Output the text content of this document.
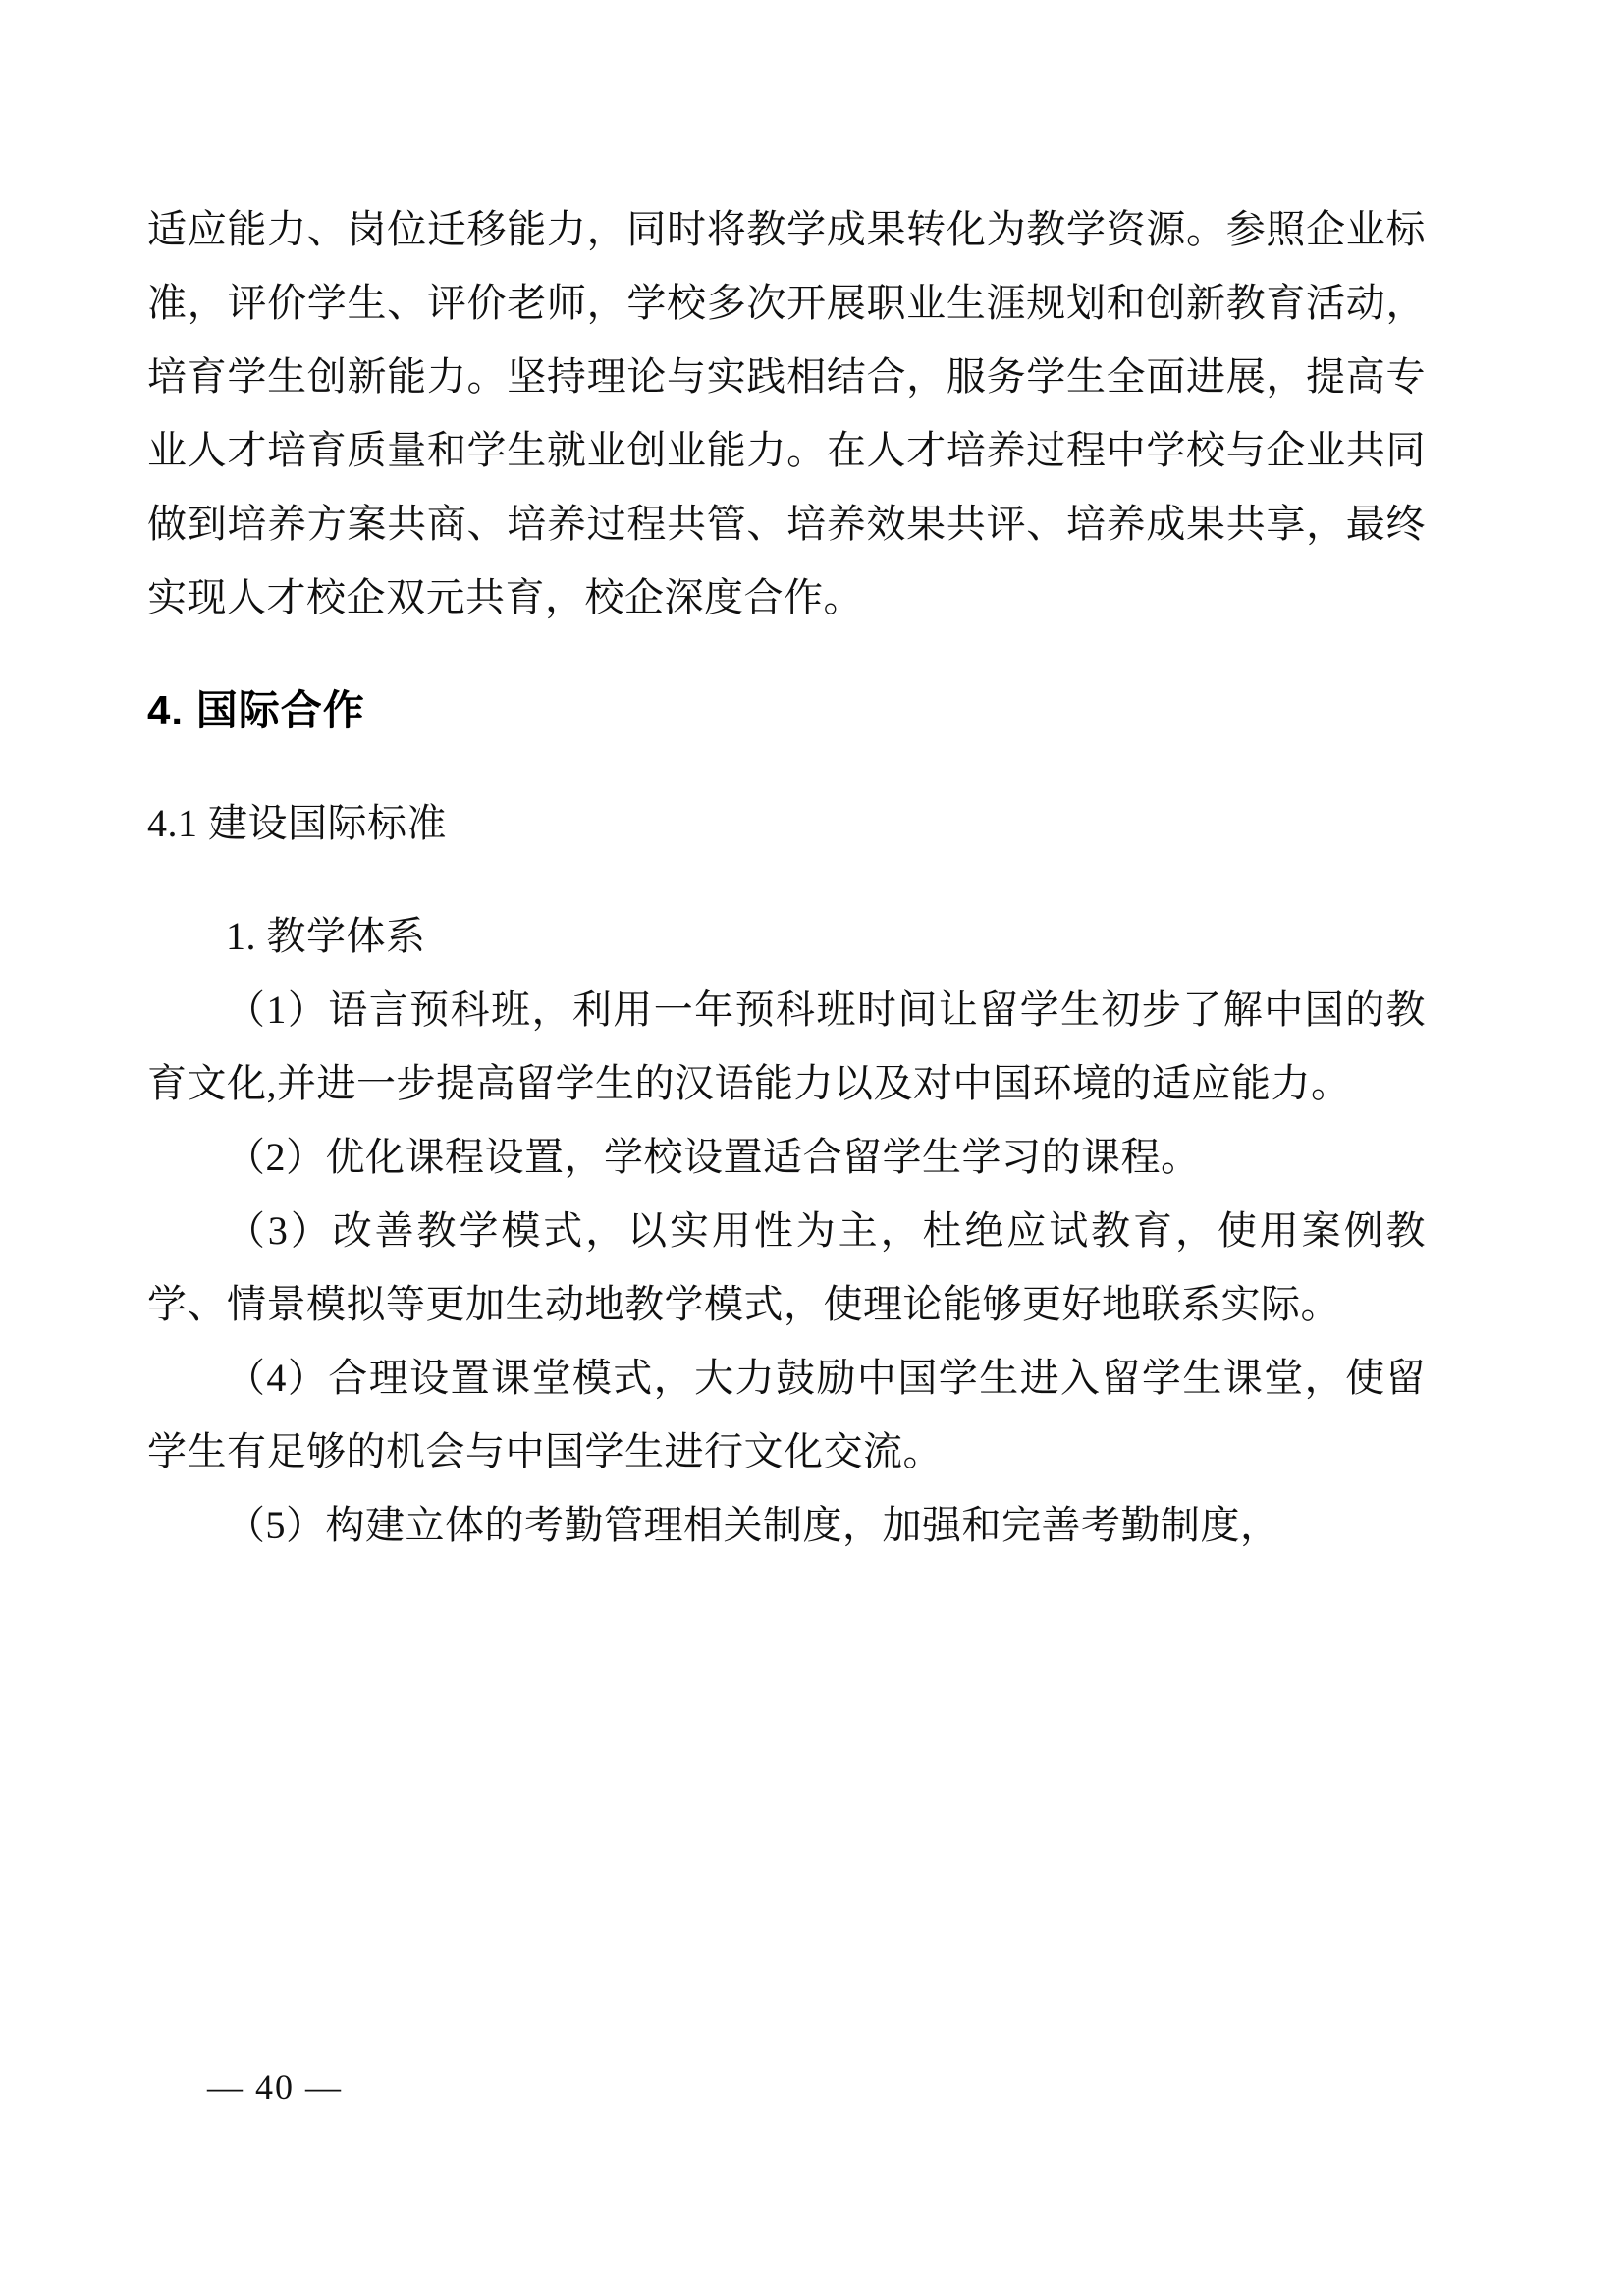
适应能力、岗位迁移能力，同时将教学成果转化为教学资源。参照企业标准，评价学生、评价老师，学校多次开展职业生涯规划和创新教育活动，培育学生创新能力。坚持理论与实践相结合，服务学生全面进展，提高专业人才培育质量和学生就业创业能力。在人才培养过程中学校与企业共同做到培养方案共商、培养过程共管、培养效果共评、培养成果共享，最终实现人才校企双元共育，校企深度合作。

4. 国际合作
4.1 建设国际标准

1. 教学体系

（1）语言预科班，利用一年预科班时间让留学生初步了解中国的教育文化,并进一步提高留学生的汉语能力以及对中国环境的适应能力。

（2）优化课程设置，学校设置适合留学生学习的课程。

（3）改善教学模式，以实用性为主，杜绝应试教育，使用案例教学、情景模拟等更加生动地教学模式，使理论能够更好地联系实际。

（4）合理设置课堂模式，大力鼓励中国学生进入留学生课堂，使留学生有足够的机会与中国学生进行文化交流。

（5）构建立体的考勤管理相关制度，加强和完善考勤制度，

— 40 —
